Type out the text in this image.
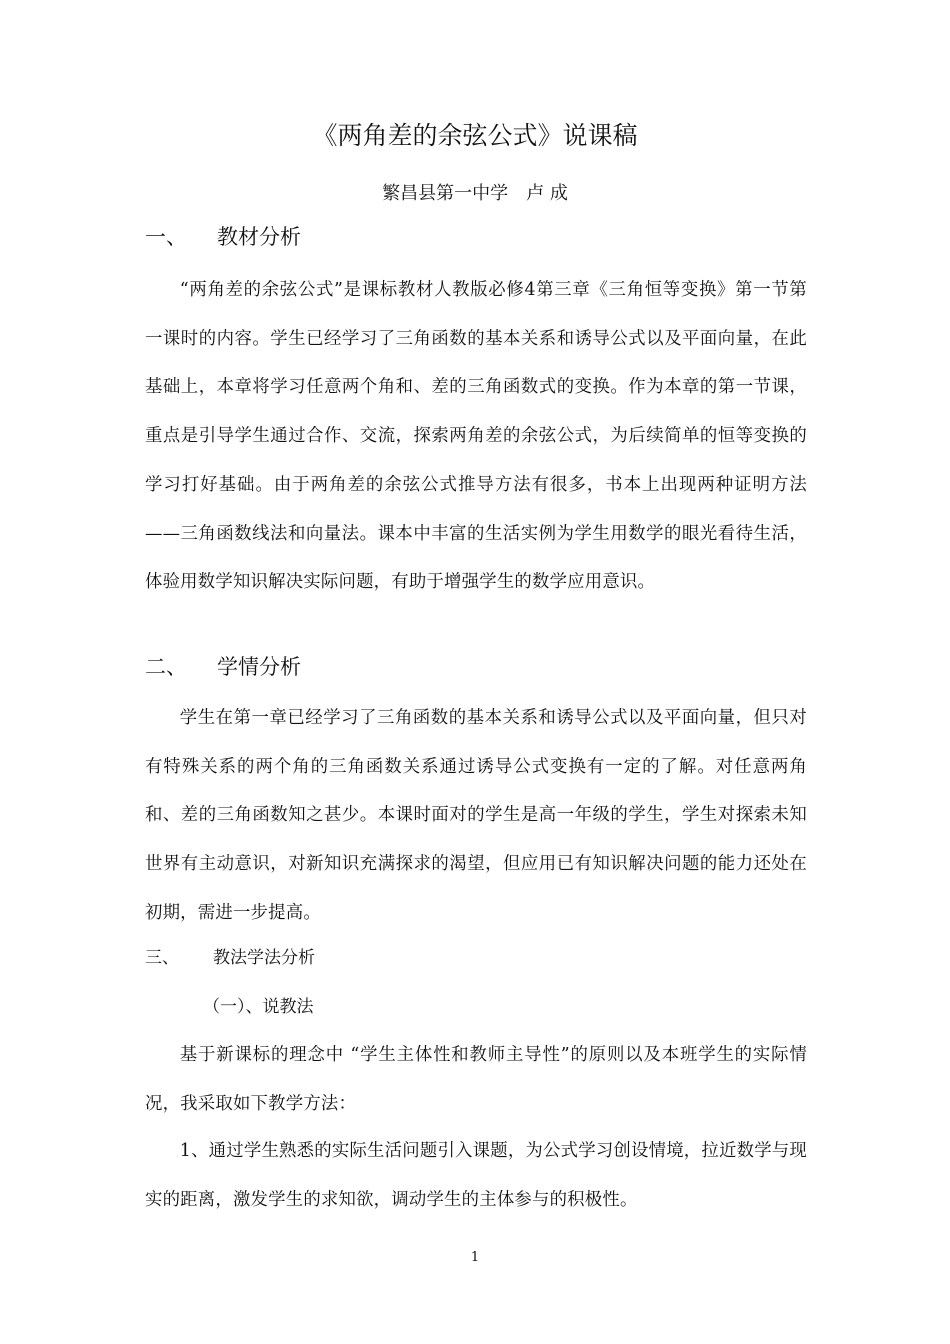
《两角差的余弦公式》说课稿
繁昌县第一中学　卢 成
一、	教材分析
“两角差的余弦公式”是课标教材人教版必修4第三章《三角恒等变换》第一节第一课时的内容。学生已经学习了三角函数的基本关系和诱导公式以及平面向量，在此基础上，本章将学习任意两个角和、差的三角函数式的变换。作为本章的第一节课，重点是引导学生通过合作、交流，探索两角差的余弦公式，为后续简单的恒等变换的学习打好基础。由于两角差的余弦公式推导方法有很多，书本上出现两种证明方法——三角函数线法和向量法。课本中丰富的生活实例为学生用数学的眼光看待生活，体验用数学知识解决实际问题，有助于增强学生的数学应用意识。
二、	学情分析
学生在第一章已经学习了三角函数的基本关系和诱导公式以及平面向量，但只对有特殊关系的两个角的三角函数关系通过诱导公式变换有一定的了解。对任意两角和、差的三角函数知之甚少。本课时面对的学生是高一年级的学生，学生对探索未知世界有主动意识，对新知识充满探求的渴望，但应用已有知识解决问题的能力还处在初期，需进一步提高。
三、	教法学法分析
（一）、说教法
基于新课标的理念中 “学生主体性和教师主导性”的原则以及本班学生的实际情况，我采取如下教学方法：
1、通过学生熟悉的实际生活问题引入课题，为公式学习创设情境，拉近数学与现实的距离，激发学生的求知欲，调动学生的主体参与的积极性。
1
